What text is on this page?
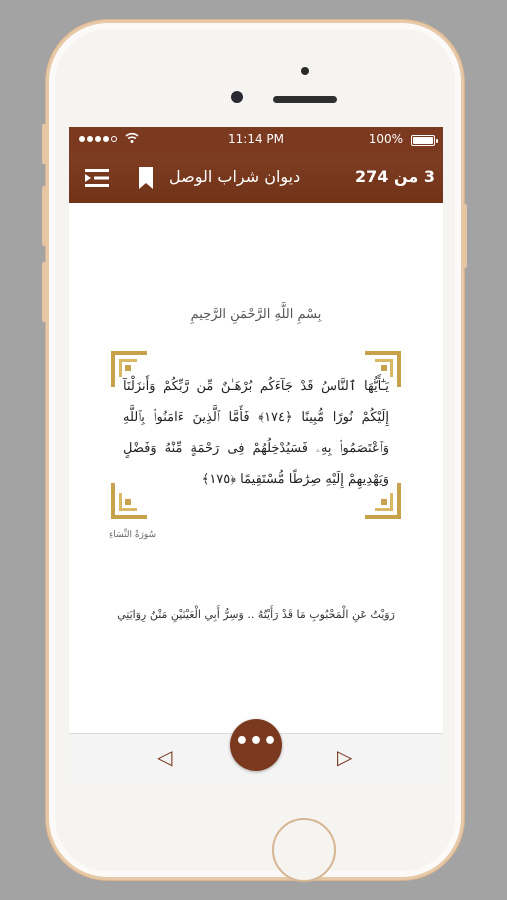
11:14 PM	100%
ديوان شراب الوصل	3 من 274
بِسْمِ اللَّهِ الرَّحْمَنِ الرَّحِيمِ
يَـٰٓأَيُّهَا ٱلنَّاسُ قَدْ جَآءَكُم بُرْهَـٰنٌ مِّن رَّبِّكُمْ وَأَنزَلْنَآ إِلَيْكُمْ نُورًا مُّبِينًا ﴿١٧٤﴾ فَأَمَّا ٱلَّذِينَ ءَامَنُوا۟ بِٱللَّهِ وَٱعْتَصَمُوا۟ بِهِۦ فَسَيُدْخِلُهُمْ فِى رَحْمَةٍ مِّنْهُ وَفَضْلٍ وَيَهْدِيهِمْ إِلَيْهِ صِرَٰطًا مُّسْتَقِيمًا ﴿١٧٥﴾
سُورَةُ النِّسَاءِ
رَوَيْتُ عَنِ الْمَحْبُوبِ مَا قَدْ رَأَيْتُهُ .. وَسِرُّ أَبِي الْعَيْنَيْنِ مَتْنُ رِوَايَتِي
◁	▷
•••
